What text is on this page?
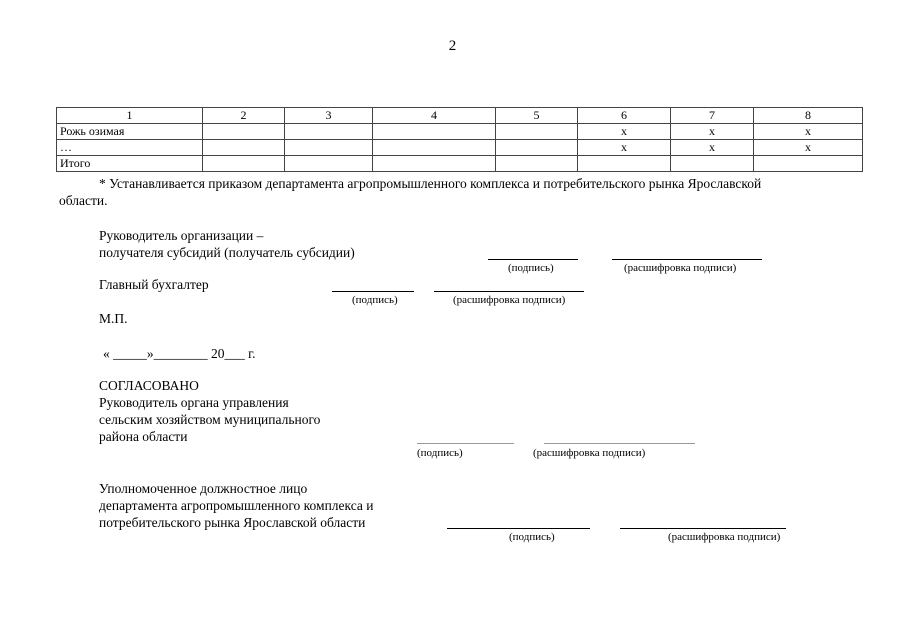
2
1	2	3	4	5	6	7	8
Рожь озимая					x	x	x
…					x	x	x
Итого							
* Устанавливается приказом департамента агропромышленного комплекса и потребительского рынка Ярославской
области.
Руководитель организации –
получателя субсидий (получатель субсидии)
(подпись)	(расшифровка подписи)
Главный бухгалтер
(подпись)	(расшифровка подписи)
М.П.
« _____»________ 20___ г.
СОГЛАСОВАНО
Руководитель органа управления
сельским хозяйством муниципального
района области
(подпись)	(расшифровка подписи)
Уполномоченное должностное лицо
департамента агропромышленного комплекса и
потребительского рынка Ярославской области
(подпись)	(расшифровка подписи)
